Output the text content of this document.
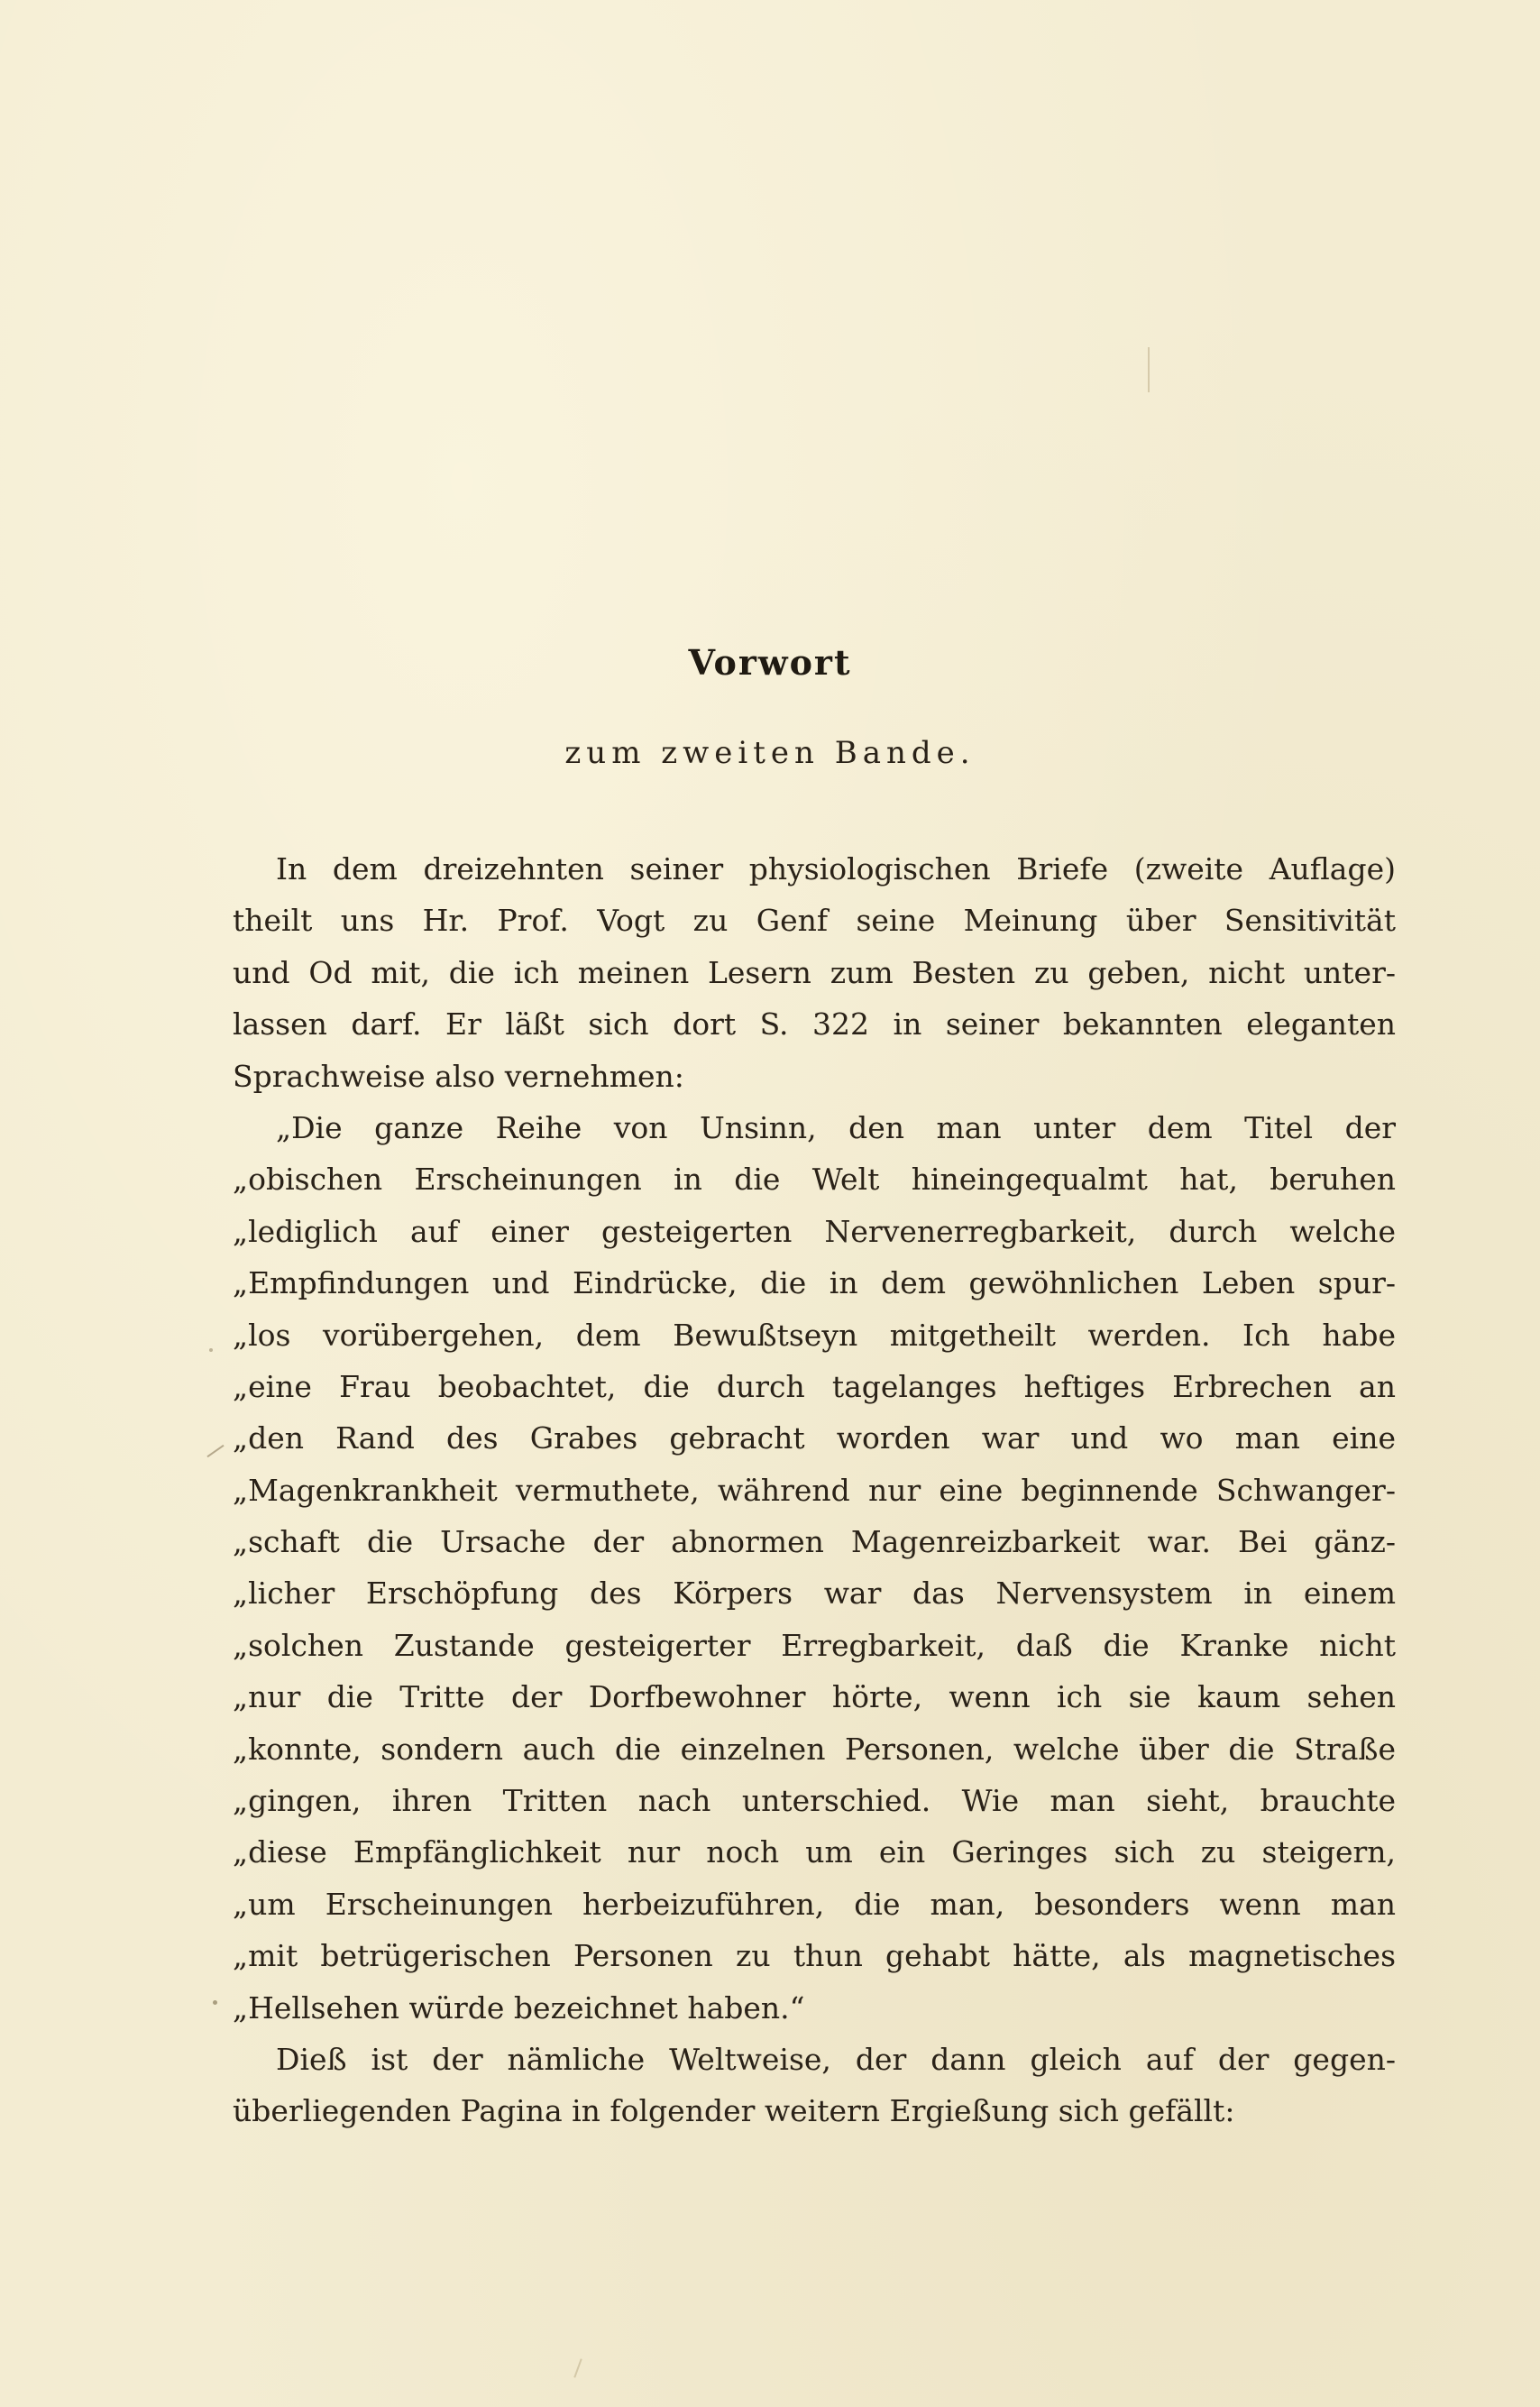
Vorwort
zum zweiten Bande.
In dem dreizehnten seiner physiologischen Briefe (zweite Auflage)
theilt uns Hr. Prof. Vogt zu Genf seine Meinung über Sensitivität
und Od mit, die ich meinen Lesern zum Besten zu geben, nicht unter-
lassen darf. Er läßt sich dort S. 322 in seiner bekannten eleganten
Sprachweise also vernehmen:
„Die ganze Reihe von Unsinn, den man unter dem Titel der
„obischen Erscheinungen in die Welt hineingequalmt hat, beruhen
„lediglich auf einer gesteigerten Nervenerregbarkeit, durch welche
„Empfindungen und Eindrücke, die in dem gewöhnlichen Leben spur-
„los vorübergehen, dem Bewußtseyn mitgetheilt werden. Ich habe
„eine Frau beobachtet, die durch tagelanges heftiges Erbrechen an
„den Rand des Grabes gebracht worden war und wo man eine
„Magenkrankheit vermuthete, während nur eine beginnende Schwanger-
„schaft die Ursache der abnormen Magenreizbarkeit war. Bei gänz-
„licher Erschöpfung des Körpers war das Nervensystem in einem
„solchen Zustande gesteigerter Erregbarkeit, daß die Kranke nicht
„nur die Tritte der Dorfbewohner hörte, wenn ich sie kaum sehen
„konnte, sondern auch die einzelnen Personen, welche über die Straße
„gingen, ihren Tritten nach unterschied. Wie man sieht, brauchte
„diese Empfänglichkeit nur noch um ein Geringes sich zu steigern,
„um Erscheinungen herbeizuführen, die man, besonders wenn man
„mit betrügerischen Personen zu thun gehabt hätte, als magnetisches
„Hellsehen würde bezeichnet haben.“
Dieß ist der nämliche Weltweise, der dann gleich auf der gegen-
überliegenden Pagina in folgender weitern Ergießung sich gefällt:
